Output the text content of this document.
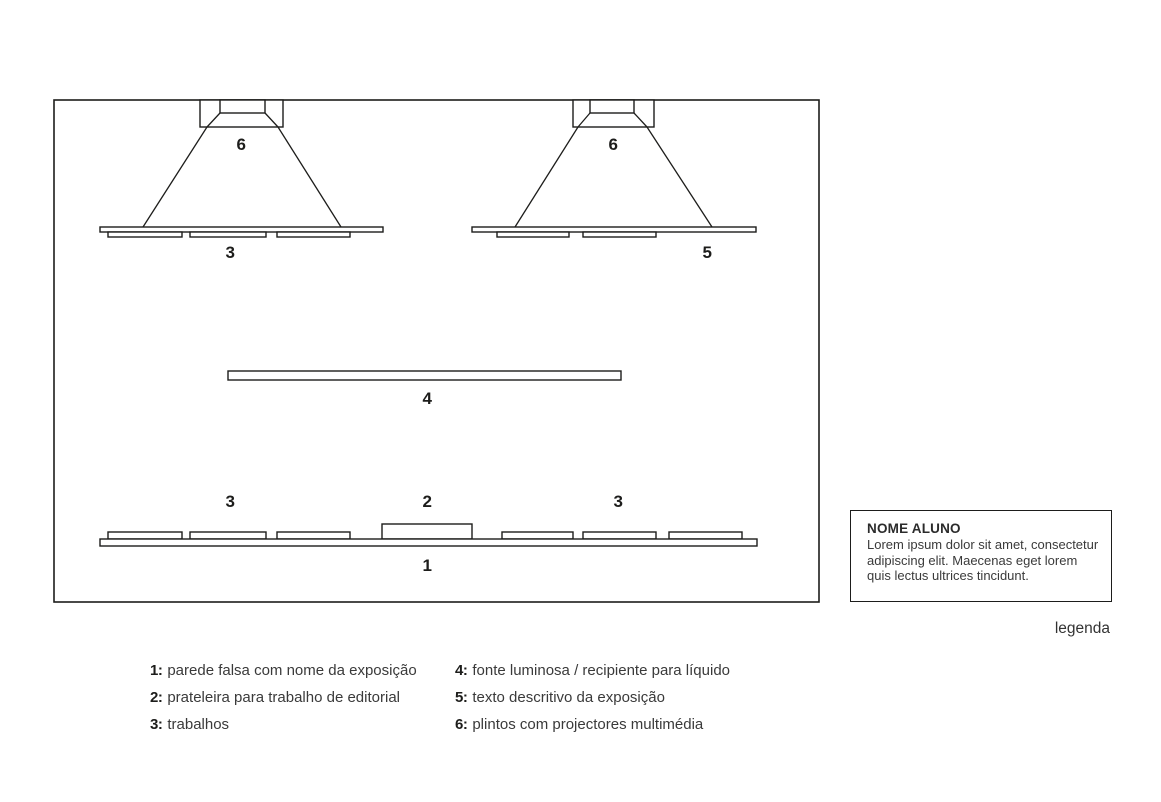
6
3
6
5
4
3	2	3
1
NOME ALUNO
Lorem ipsum dolor sit amet, consectetur adipiscing elit. Maecenas eget lorem quis lectus ultrices tincidunt.
legenda
1: parede falsa com nome da exposição
2: prateleira para trabalho de editorial
3: trabalhos
4: fonte luminosa / recipiente para líquido
5: texto descritivo da exposição
6: plintos com projectores multimédia
